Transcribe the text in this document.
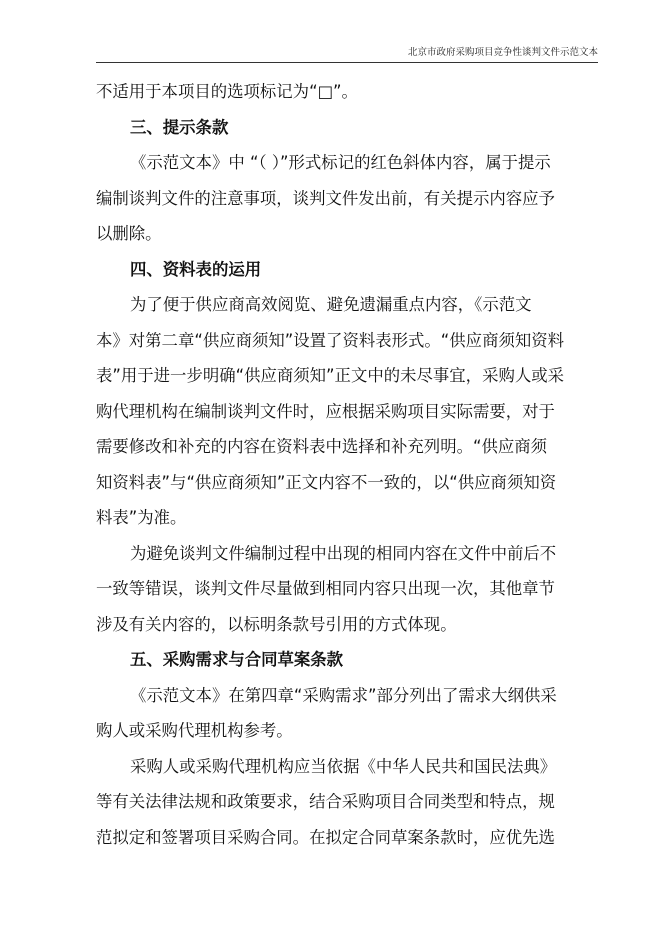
北京市政府采购项目竞争性谈判文件示范文本
不适用于本项目的选项标记为“□”。
三、提示条款
《示范文本》中 “（ ）”形式标记的红色斜体内容，属于提示
编制谈判文件的注意事项，谈判文件发出前，有关提示内容应予
以删除。
四、资料表的运用
为了便于供应商高效阅览、避免遗漏重点内容，《示范文
本》对第二章“供应商须知”设置了资料表形式。“供应商须知资料
表”用于进一步明确“供应商须知”正文中的未尽事宜，采购人或采
购代理机构在编制谈判文件时，应根据采购项目实际需要，对于
需要修改和补充的内容在资料表中选择和补充列明。“供应商须
知资料表”与“供应商须知”正文内容不一致的，以“供应商须知资
料表”为准。
为避免谈判文件编制过程中出现的相同内容在文件中前后不
一致等错误，谈判文件尽量做到相同内容只出现一次，其他章节
涉及有关内容的，以标明条款号引用的方式体现。
五、采购需求与合同草案条款
《示范文本》在第四章“采购需求”部分列出了需求大纲供采
购人或采购代理机构参考。
采购人或采购代理机构应当依据《中华人民共和国民法典》
等有关法律法规和政策要求，结合采购项目合同类型和特点，规
范拟定和签署项目采购合同。在拟定合同草案条款时，应优先选
